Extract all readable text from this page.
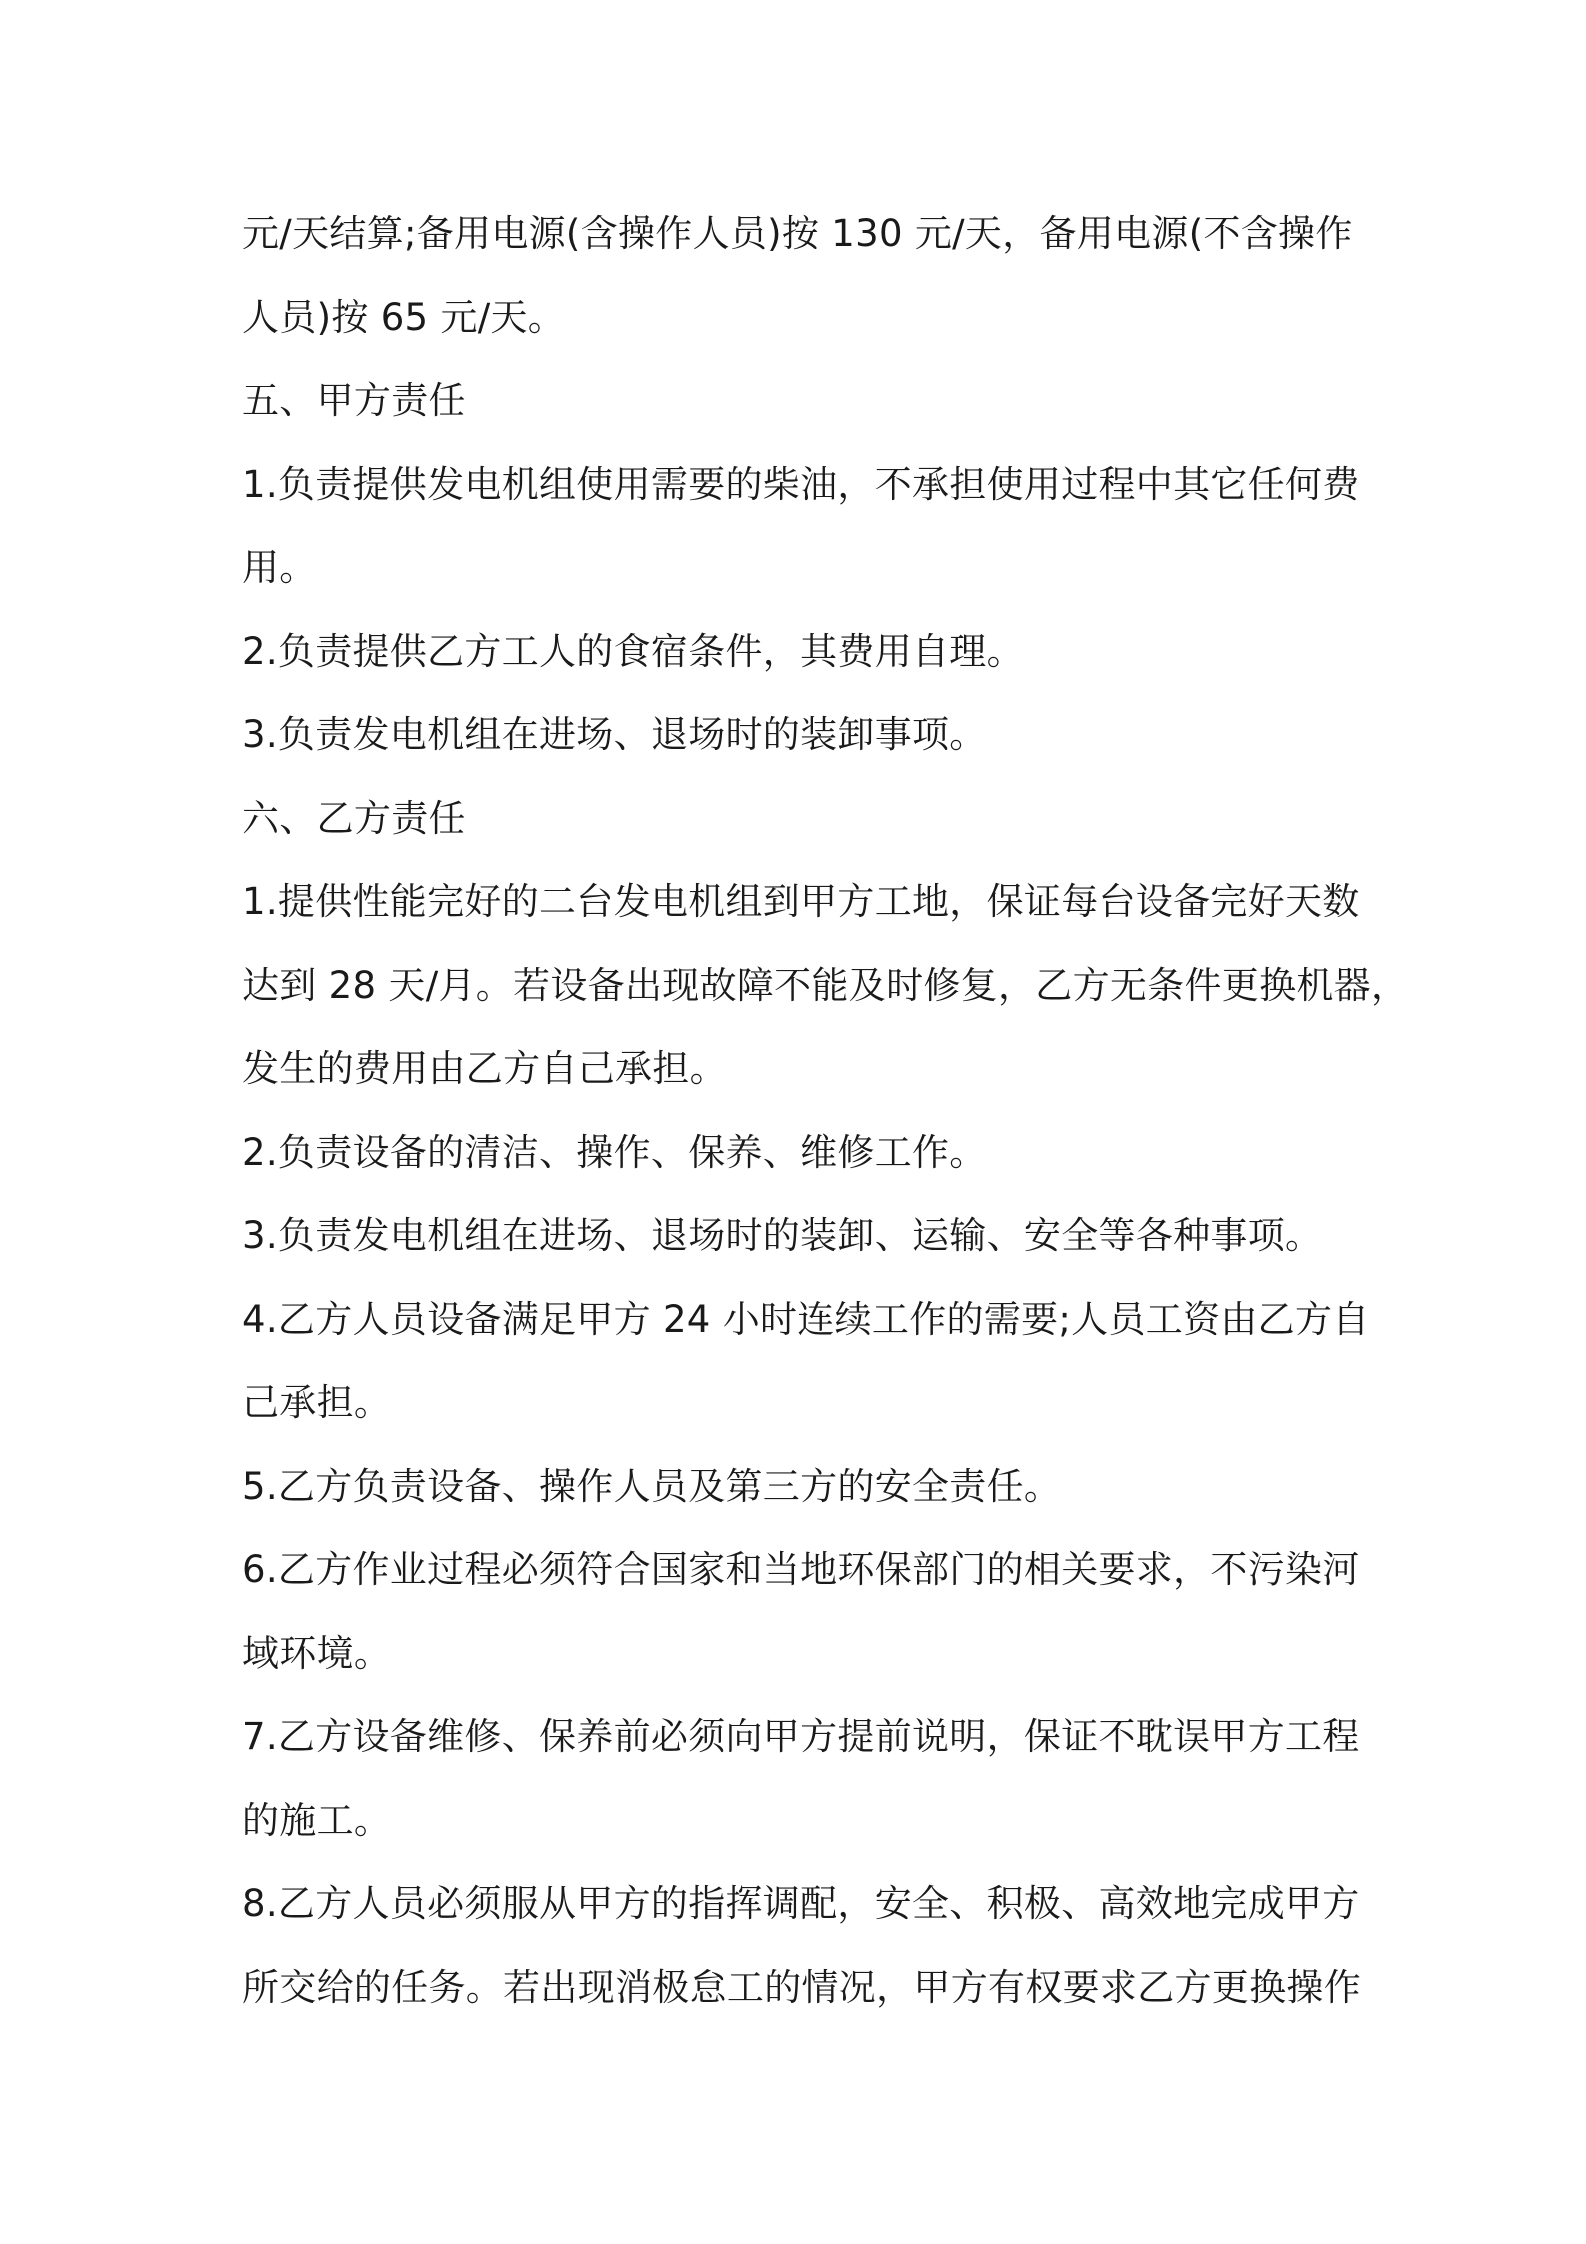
元/天结算;备用电源(含操作人员)按 130 元/天，备用电源(不含操作
人员)按 65 元/天。
五、甲方责任
1.负责提供发电机组使用需要的柴油，不承担使用过程中其它任何费
用。
2.负责提供乙方工人的食宿条件，其费用自理。
3.负责发电机组在进场、退场时的装卸事项。
六、乙方责任
1.提供性能完好的二台发电机组到甲方工地，保证每台设备完好天数
达到 28 天/月。若设备出现故障不能及时修复，乙方无条件更换机器，
发生的费用由乙方自己承担。
2.负责设备的清洁、操作、保养、维修工作。
3.负责发电机组在进场、退场时的装卸、运输、安全等各种事项。
4.乙方人员设备满足甲方 24 小时连续工作的需要;人员工资由乙方自
己承担。
5.乙方负责设备、操作人员及第三方的安全责任。
6.乙方作业过程必须符合国家和当地环保部门的相关要求，不污染河
域环境。
7.乙方设备维修、保养前必须向甲方提前说明，保证不耽误甲方工程
的施工。
8.乙方人员必须服从甲方的指挥调配，安全、积极、高效地完成甲方
所交给的任务。若出现消极怠工的情况，甲方有权要求乙方更换操作
